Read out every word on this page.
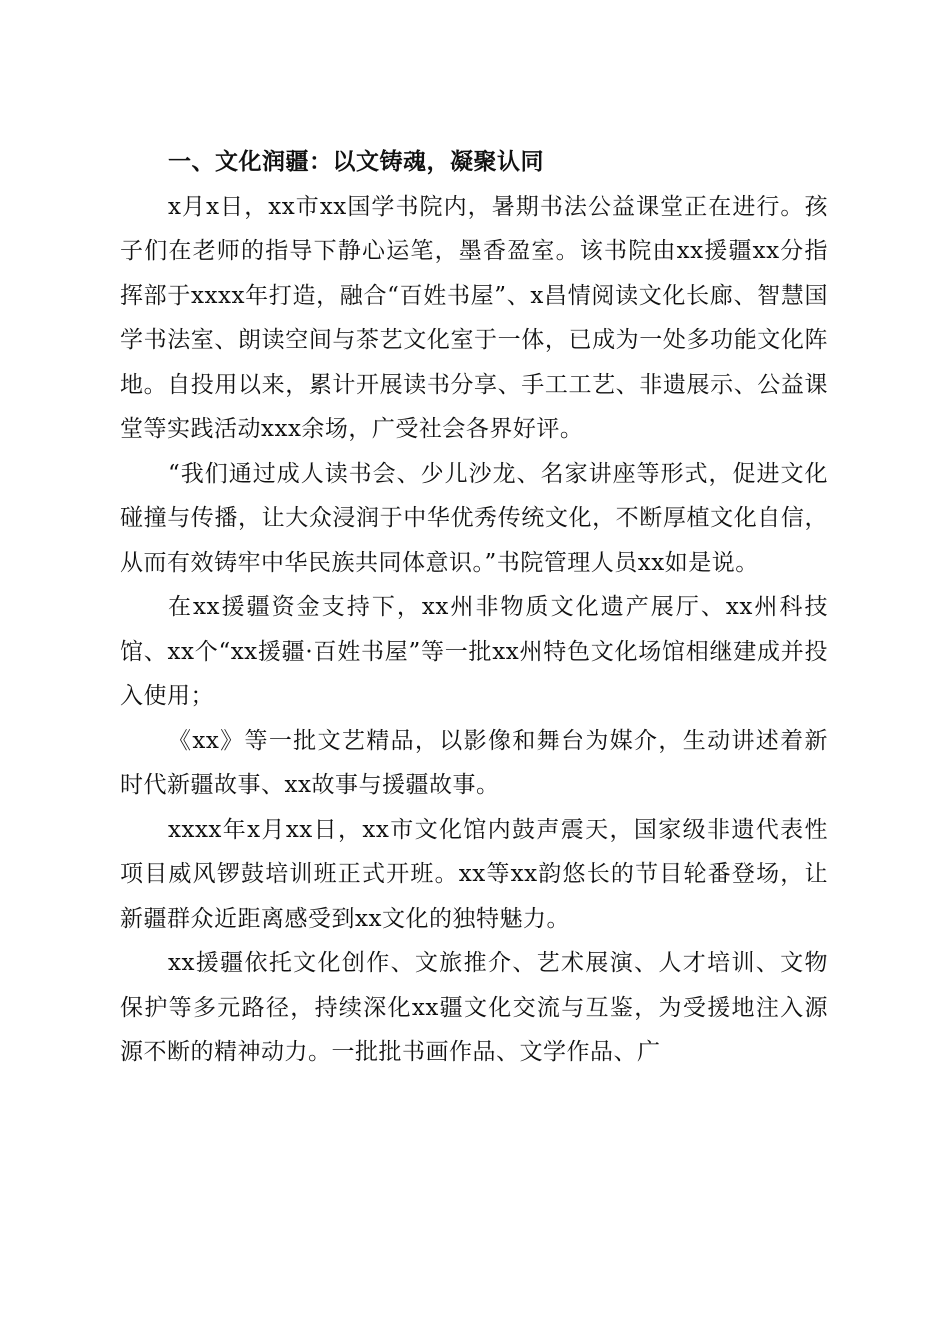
一、文化润疆：以文铸魂，凝聚认同

x月x日，xx市xx国学书院内，暑期书法公益课堂正在进行。孩子们在老师的指导下静心运笔，墨香盈室。该书院由xx援疆xx分指挥部于xxxx年打造，融合“百姓书屋”、x昌情阅读文化长廊、智慧国学书法室、朗读空间与茶艺文化室于一体，已成为一处多功能文化阵地。自投用以来，累计开展读书分享、手工工艺、非遗展示、公益课堂等实践活动xxx余场，广受社会各界好评。

“我们通过成人读书会、少儿沙龙、名家讲座等形式，促进文化碰撞与传播，让大众浸润于中华优秀传统文化，不断厚植文化自信，从而有效铸牢中华民族共同体意识。”书院管理人员xx如是说。

在xx援疆资金支持下，xx州非物质文化遗产展厅、xx州科技馆、xx个“xx援疆·百姓书屋”等一批xx州特色文化场馆相继建成并投入使用；

《xx》等一批文艺精品，以影像和舞台为媒介，生动讲述着新时代新疆故事、xx故事与援疆故事。

xxxx年x月xx日，xx市文化馆内鼓声震天，国家级非遗代表性项目威风锣鼓培训班正式开班。xx等xx韵悠长的节目轮番登场，让新疆群众近距离感受到xx文化的独特魅力。

xx援疆依托文化创作、文旅推介、艺术展演、人才培训、文物保护等多元路径，持续深化xx疆文化交流与互鉴，为受援地注入源源不断的精神动力。一批批书画作品、文学作品、广
